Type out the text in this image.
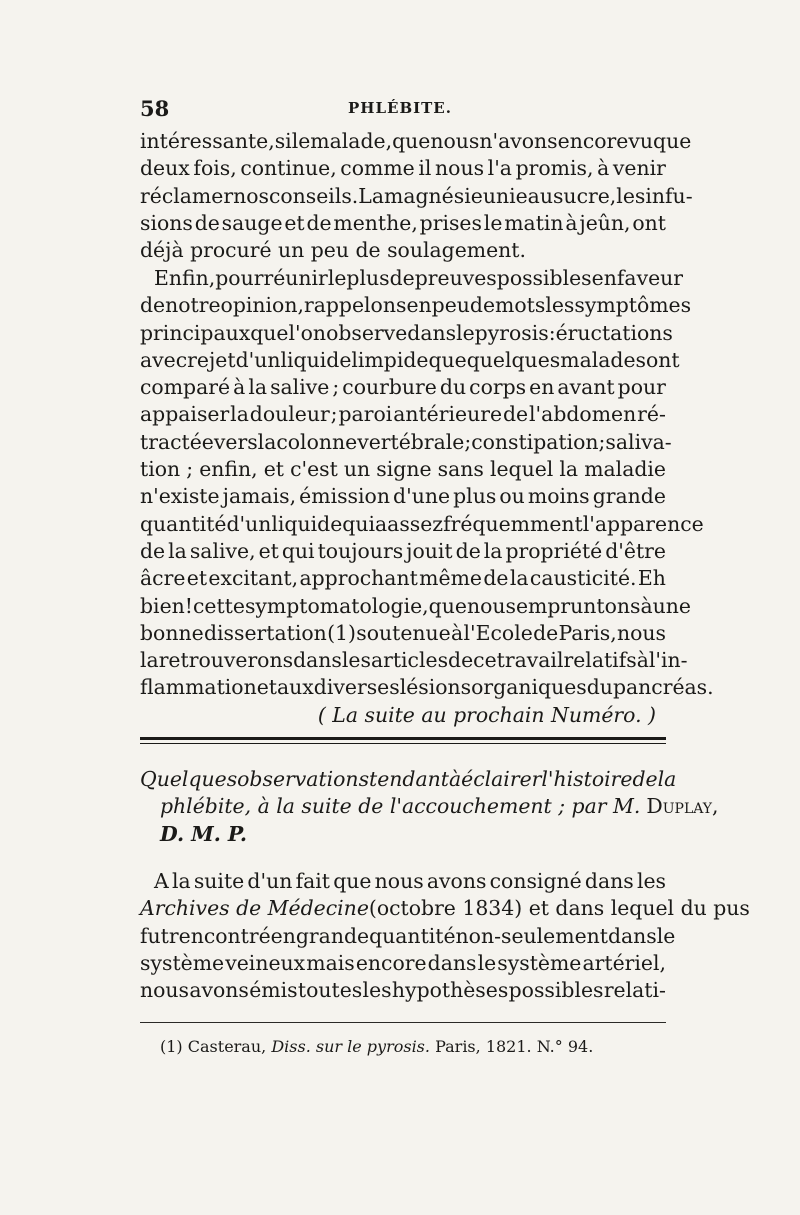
58	PHLÉBITE.
intéressante, si le malade, que nous n'avons encore vu que
deux fois, continue, comme il nous l'a promis, à venir
réclamer nos conseils. La magnésie unie au sucre, les infu-
sions de sauge et de menthe, prises le matin à jeûn, ont
déjà procuré un peu de soulagement.
Enfin, pour réunir le plus de preuves possibles en faveur
de notre opinion, rappelons en peu de mots les symptômes
principaux que l'on observe dans le pyrosis : éructations
avec rejet d'un liquide limpide que quelques malades ont
comparé à la salive ; courbure du corps en avant pour
appaiser la douleur ; paroi antérieure de l'abdomen ré-
tractée vers la colonne vertébrale ; constipation ; saliva-
tion ; enfin, et c'est un signe sans lequel la maladie
n'existe jamais, émission d'une plus ou moins grande
quantité d'un liquide qui a assez fréquemment l'apparence
de la salive, et qui toujours jouit de la propriété d'être
âcre et excitant, approchant même de la causticité. Eh
bien ! cette symptomatologie, que nous empruntons à une
bonne dissertation (1) soutenue à l'Ecole de Paris, nous
la retrouverons dans les articles de ce travail relatifs à l'in-
flammation et aux diverses lésions organiques du pancréas.
( La suite au prochain Numéro. )
Quelques observations tendant à éclairer l'histoire de la
phlébite, à la suite de l'accouchement ; par M. Duplay ,
D. M. P.
A la suite d'un fait que nous avons consigné dans les
Archives de Médecine (octobre 1834) et dans lequel du pus
fut rencontré en grande quantité non-seulement dans le
système veineux mais encore dans le système artériel,
nous avons émis toutes les hypothèses possibles relati-
(1) Casterau, Diss. sur le pyrosis. Paris, 1821. N.° 94.
